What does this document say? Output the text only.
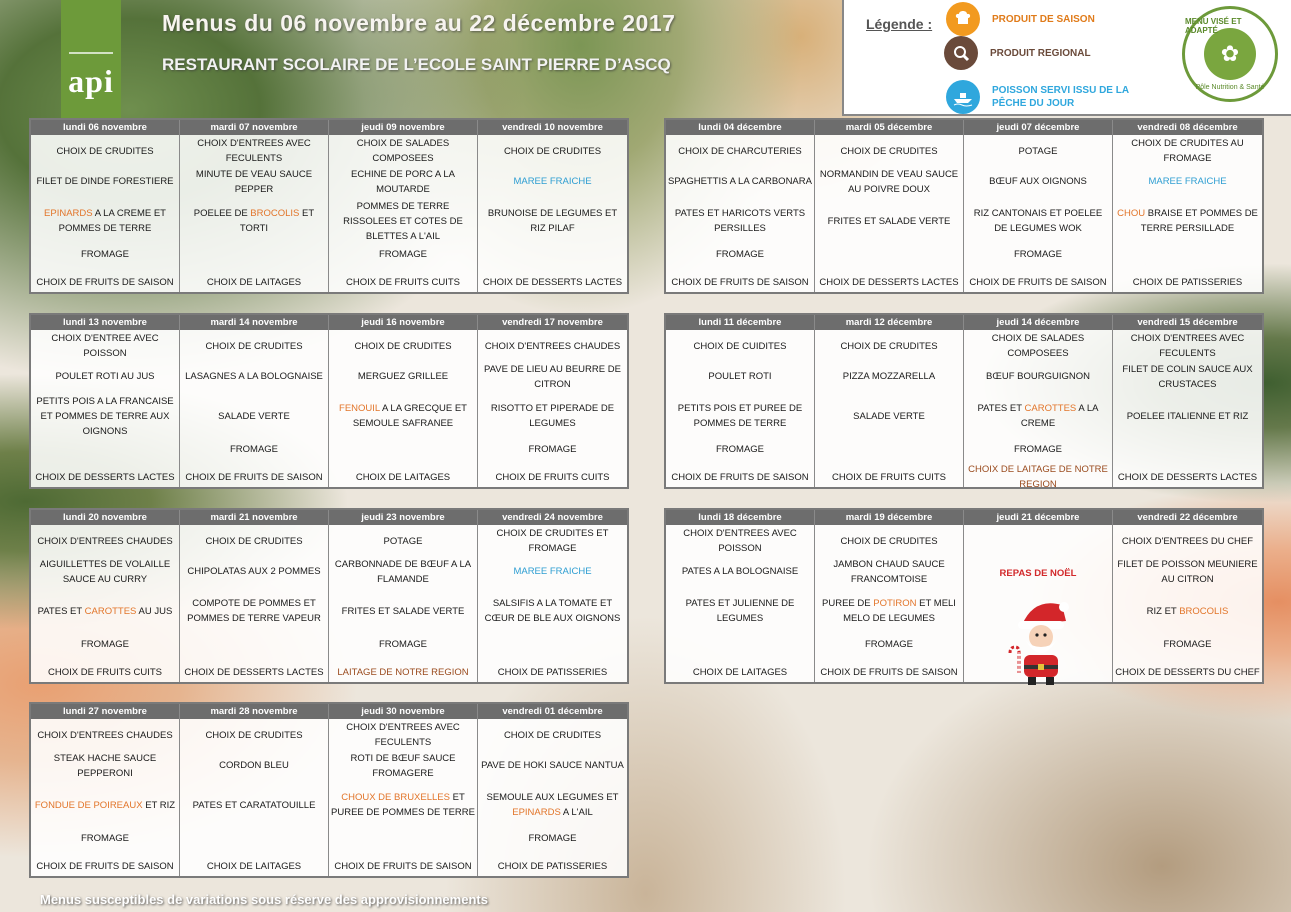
api
Menus du 06 novembre au 22 décembre 2017
RESTAURANT SCOLAIRE DE L’ECOLE SAINT PIERRE D’ASCQ
Légende :	PRODUIT DE SAISON
PRODUIT REGIONAL
POISSON SERVI ISSU DE LA
PÊCHE DU JOUR
MENU VISÉ ET ADAPTÉ
✿
Pôle Nutrition & Santé
lundi 06 novembre
CHOIX DE CRUDITES
FILET DE DINDE FORESTIERE
EPINARDS A LA CREME ET POMMES DE TERRE
FROMAGE
CHOIX DE FRUITS DE SAISON
mardi 07 novembre
CHOIX D'ENTREES AVEC FECULENTS
MINUTE DE VEAU SAUCE PEPPER
POELEE DE BROCOLIS ET TORTI
CHOIX DE LAITAGES
jeudi 09 novembre
CHOIX DE SALADES COMPOSEES
ECHINE DE PORC A LA MOUTARDE
POMMES DE TERRE RISSOLEES ET COTES DE BLETTES A L'AIL
FROMAGE
CHOIX DE FRUITS CUITS
vendredi 10 novembre
CHOIX DE CRUDITES
MAREE FRAICHE
BRUNOISE DE LEGUMES ET RIZ PILAF
CHOIX DE DESSERTS LACTES
lundi 04 décembre
CHOIX DE CHARCUTERIES
SPAGHETTIS A LA CARBONARA
PATES ET HARICOTS VERTS PERSILLES
FROMAGE
CHOIX DE FRUITS DE SAISON
mardi 05 décembre
CHOIX DE CRUDITES
NORMANDIN DE VEAU SAUCE AU POIVRE DOUX
FRITES ET SALADE VERTE
CHOIX DE DESSERTS LACTES
jeudi 07 décembre
POTAGE
BŒUF AUX OIGNONS
RIZ CANTONAIS ET POELEE DE LEGUMES WOK
FROMAGE
CHOIX DE FRUITS DE SAISON
vendredi 08 décembre
CHOIX DE CRUDITES AU FROMAGE
MAREE FRAICHE
CHOU BRAISE ET POMMES DE TERRE PERSILLADE
CHOIX DE PATISSERIES
lundi 13 novembre
CHOIX D'ENTREE AVEC POISSON
POULET ROTI AU JUS
PETITS POIS A LA FRANCAISE ET POMMES DE TERRE AUX OIGNONS
CHOIX DE DESSERTS LACTES
mardi 14 novembre
CHOIX DE CRUDITES
LASAGNES A LA BOLOGNAISE
SALADE VERTE
FROMAGE
CHOIX DE FRUITS DE SAISON
jeudi 16 novembre
CHOIX DE CRUDITES
MERGUEZ GRILLEE
FENOUIL A LA GRECQUE ET SEMOULE SAFRANEE
CHOIX DE LAITAGES
vendredi 17 novembre
CHOIX D'ENTREES CHAUDES
PAVE DE LIEU AU BEURRE DE CITRON
RISOTTO ET PIPERADE DE LEGUMES
FROMAGE
CHOIX DE FRUITS CUITS
lundi 11 décembre
CHOIX DE CUIDITES
POULET ROTI
PETITS POIS ET PUREE DE POMMES DE TERRE
FROMAGE
CHOIX DE FRUITS DE SAISON
mardi 12 décembre
CHOIX DE CRUDITES
PIZZA MOZZARELLA
SALADE VERTE
CHOIX DE FRUITS CUITS
jeudi 14 décembre
CHOIX DE SALADES COMPOSEES
BŒUF BOURGUIGNON
PATES ET CAROTTES A LA CREME
FROMAGE
CHOIX DE LAITAGE DE NOTRE REGION
vendredi 15 décembre
CHOIX D'ENTREES AVEC FECULENTS
FILET DE COLIN SAUCE AUX CRUSTACES
POELEE ITALIENNE ET RIZ
CHOIX DE DESSERTS LACTES
lundi 20 novembre
CHOIX D'ENTREES CHAUDES
AIGUILLETTES DE VOLAILLE SAUCE AU CURRY
PATES ET CAROTTES AU JUS
FROMAGE
CHOIX DE FRUITS CUITS
mardi 21 novembre
CHOIX DE CRUDITES
CHIPOLATAS AUX 2 POMMES
COMPOTE DE POMMES ET POMMES DE TERRE VAPEUR
CHOIX DE DESSERTS LACTES
jeudi 23 novembre
POTAGE
CARBONNADE DE BŒUF A LA FLAMANDE
FRITES ET SALADE VERTE
FROMAGE
LAITAGE DE NOTRE REGION
vendredi 24 novembre
CHOIX DE CRUDITES ET FROMAGE
MAREE FRAICHE
SALSIFIS A LA TOMATE ET CŒUR DE BLE AUX OIGNONS
CHOIX DE PATISSERIES
lundi 18 décembre
CHOIX D'ENTREES AVEC POISSON
PATES A LA BOLOGNAISE
PATES ET JULIENNE DE LEGUMES
CHOIX DE LAITAGES
mardi 19 décembre
CHOIX DE CRUDITES
JAMBON CHAUD SAUCE FRANCOMTOISE
PUREE DE POTIRON ET MELI MELO DE LEGUMES
FROMAGE
CHOIX DE FRUITS DE SAISON
jeudi 21 décembre
REPAS DE NOËL
vendredi 22 décembre
CHOIX D'ENTREES DU CHEF
FILET DE POISSON MEUNIERE AU CITRON
RIZ ET BROCOLIS
FROMAGE
CHOIX DE DESSERTS DU CHEF
lundi 27 novembre
CHOIX D'ENTREES CHAUDES
STEAK HACHE SAUCE PEPPERONI
FONDUE DE POIREAUX ET RIZ
FROMAGE
CHOIX DE FRUITS DE SAISON
mardi 28 novembre
CHOIX DE CRUDITES
CORDON BLEU
PATES ET CARATATOUILLE
CHOIX DE LAITAGES
jeudi 30 novembre
CHOIX D'ENTREES AVEC FECULENTS
ROTI DE BŒUF SAUCE FROMAGERE
CHOUX DE BRUXELLES ET PUREE DE POMMES DE TERRE
CHOIX DE FRUITS DE SAISON
vendredi 01 décembre
CHOIX DE CRUDITES
PAVE DE HOKI SAUCE NANTUA
SEMOULE AUX LEGUMES ET EPINARDS A L'AIL
FROMAGE
CHOIX DE PATISSERIES
Menus susceptibles de variations sous réserve des approvisionnements
